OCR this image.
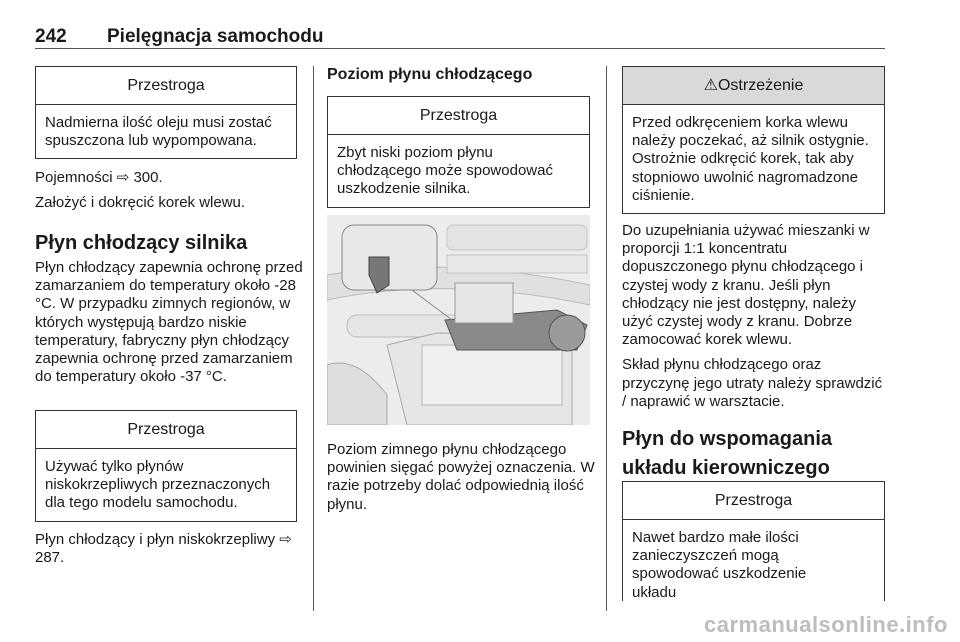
242 Pielęgnacja samochodu
Przestroga
Nadmierna ilość oleju musi zostać spuszczona lub wypompowana.

Pojemności ⇨ 300.

Założyć i dokręcić korek wlewu.

Płyn chłodzący silnika
Płyn chłodzący zapewnia ochronę przed zamarzaniem do temperatury około -28 °C. W przypadku zimnych regionów, w których występują bardzo niskie temperatury, fabryczny płyn chłodzący zapewnia ochronę przed zamarzaniem do temperatury około -37 °C.
Przestroga
Używać tylko płynów niskokrzepliwych przeznaczonych dla tego modelu samochodu.
Płyn chłodzący i płyn niskokrzepliwy ⇨ 287.
Poziom płynu chłodzącego
Przestroga
Zbyt niski poziom płynu chłodzącego może spowodować uszkodzenie silnika.
Poziom zimnego płynu chłodzącego powinien sięgać powyżej oznaczenia. W razie potrzeby dolać odpowiednią ilość płynu.
⚠Ostrzeżenie
Przed odkręceniem korka wlewu należy poczekać, aż silnik ostygnie. Ostrożnie odkręcić korek, tak aby stopniowo uwolnić nagromadzone ciśnienie.

Do uzupełniania używać mieszanki w proporcji 1:1 koncentratu dopuszczonego płynu chłodzącego i czystej wody z kranu. Jeśli płyn chłodzący nie jest dostępny, należy użyć czystej wody z kranu. Dobrze zamocować korek wlewu.

Skład płynu chłodzącego oraz przyczynę jego utraty należy sprawdzić / naprawić w warsztacie.

Płyn do wspomagania układu kierowniczego
Przestroga
Nawet bardzo małe ilości zanieczyszczeń mogą spowodować uszkodzenie układu
carmanualsonline.info
